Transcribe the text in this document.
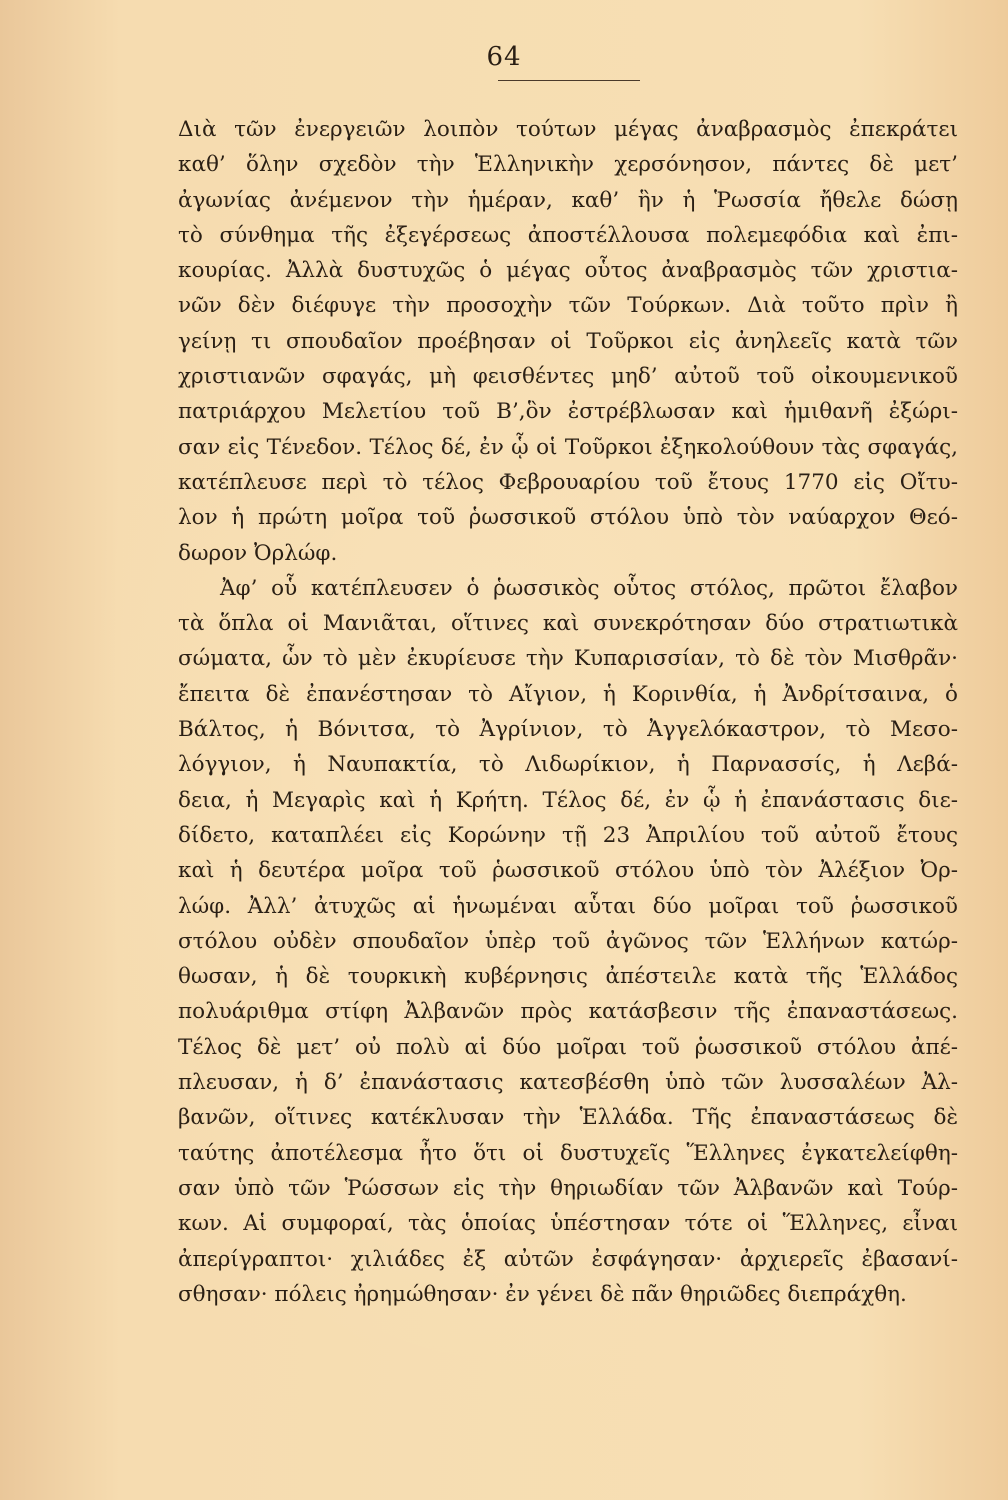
64

Διὰ τῶν ἐνεργειῶν λοιπὸν τούτων μέγας ἀναβρασμὸς ἐπεκράτει
καθ’ ὅλην σχεδὸν τὴν Ἑλληνικὴν χερσόνησον, πάντες δὲ μετ’
ἀγωνίας ἀνέμενον τὴν ἡμέραν, καθ’ ἣν ἡ Ῥωσσία ἤθελε δώσῃ
τὸ σύνθημα τῆς ἐξεγέρσεως ἀποστέλλουσα πολεμεφόδια καὶ ἐπι-
κουρίας. Ἀλλὰ δυστυχῶς ὁ μέγας οὗτος ἀναβρασμὸς τῶν χριστια-
νῶν δὲν διέφυγε τὴν προσοχὴν τῶν Τούρκων. Διὰ τοῦτο πρὶν ἢ
γείνῃ τι σπουδαῖον προέβησαν οἱ Τοῦρκοι εἰς ἀνηλεεῖς κατὰ τῶν
χριστιανῶν σφαγάς, μὴ φεισθέντες μηδ’ αὐτοῦ τοῦ οἰκουμενικοῦ
πατριάρχου Μελετίου τοῦ Β’,ὃν ἐστρέβλωσαν καὶ ἡμιθανῆ ἐξώρι-
σαν εἰς Τένεδον. Τέλος δέ, ἐν ᾧ οἱ Τοῦρκοι ἐξηκολούθουν τὰς σφαγάς,
κατέπλευσε περὶ τὸ τέλος Φεβρουαρίου τοῦ ἔτους 1770 εἰς Οἴτυ-
λον ἡ πρώτη μοῖρα τοῦ ῥωσσικοῦ στόλου ὑπὸ τὸν ναύαρχον Θεό-
δωρον Ὀρλώφ.

Ἀφ’ οὗ κατέπλευσεν ὁ ῥωσσικὸς οὗτος στόλος, πρῶτοι ἔλαβον
τὰ ὅπλα οἱ Μανιᾶται, οἵτινες καὶ συνεκρότησαν δύο στρατιωτικὰ
σώματα, ὧν τὸ μὲν ἐκυρίευσε τὴν Κυπαρισσίαν, τὸ δὲ τὸν Μισθρᾶν·
ἔπειτα δὲ ἐπανέστησαν τὸ Αἴγιον, ἡ Κορινθία, ἡ Ἀνδρίτσαινα, ὁ
Βάλτος, ἡ Βόνιτσα, τὸ Ἀγρίνιον, τὸ Ἀγγελόκαστρον, τὸ Μεσο-
λόγγιον, ἡ Ναυπακτία, τὸ Λιδωρίκιον, ἡ Παρνασσίς, ἡ Λεβά-
δεια, ἡ Μεγαρὶς καὶ ἡ Κρήτη. Τέλος δέ, ἐν ᾧ ἡ ἐπανάστασις διε-
δίδετο, καταπλέει εἰς Κορώνην τῇ 23 Ἀπριλίου τοῦ αὐτοῦ ἔτους
καὶ ἡ δευτέρα μοῖρα τοῦ ῥωσσικοῦ στόλου ὑπὸ τὸν Ἀλέξιον Ὀρ-
λώφ. Ἀλλ’ ἀτυχῶς αἱ ἡνωμέναι αὗται δύο μοῖραι τοῦ ῥωσσικοῦ
στόλου οὐδὲν σπουδαῖον ὑπὲρ τοῦ ἀγῶνος τῶν Ἑλλήνων κατώρ-
θωσαν, ἡ δὲ τουρκικὴ κυβέρνησις ἀπέστειλε κατὰ τῆς Ἑλλάδος
πολυάριθμα στίφη Ἀλβανῶν πρὸς κατάσβεσιν τῆς ἐπαναστάσεως.
Τέλος δὲ μετ’ οὐ πολὺ αἱ δύο μοῖραι τοῦ ῥωσσικοῦ στόλου ἀπέ-
πλευσαν, ἡ δ’ ἐπανάστασις κατεσβέσθη ὑπὸ τῶν λυσσαλέων Ἀλ-
βανῶν, οἵτινες κατέκλυσαν τὴν Ἑλλάδα. Τῆς ἐπαναστάσεως δὲ
ταύτης ἀποτέλεσμα ἦτο ὅτι οἱ δυστυχεῖς Ἕλληνες ἐγκατελείφθη-
σαν ὑπὸ τῶν Ῥώσσων εἰς τὴν θηριωδίαν τῶν Ἀλβανῶν καὶ Τούρ-
κων. Αἱ συμφοραί, τὰς ὁποίας ὑπέστησαν τότε οἱ Ἕλληνες, εἶναι
ἀπερίγραπτοι· χιλιάδες ἐξ αὐτῶν ἐσφάγησαν· ἀρχιερεῖς ἐβασανί-
σθησαν· πόλεις ἠρημώθησαν· ἐν γένει δὲ πᾶν θηριῶδες διεπράχθη.
